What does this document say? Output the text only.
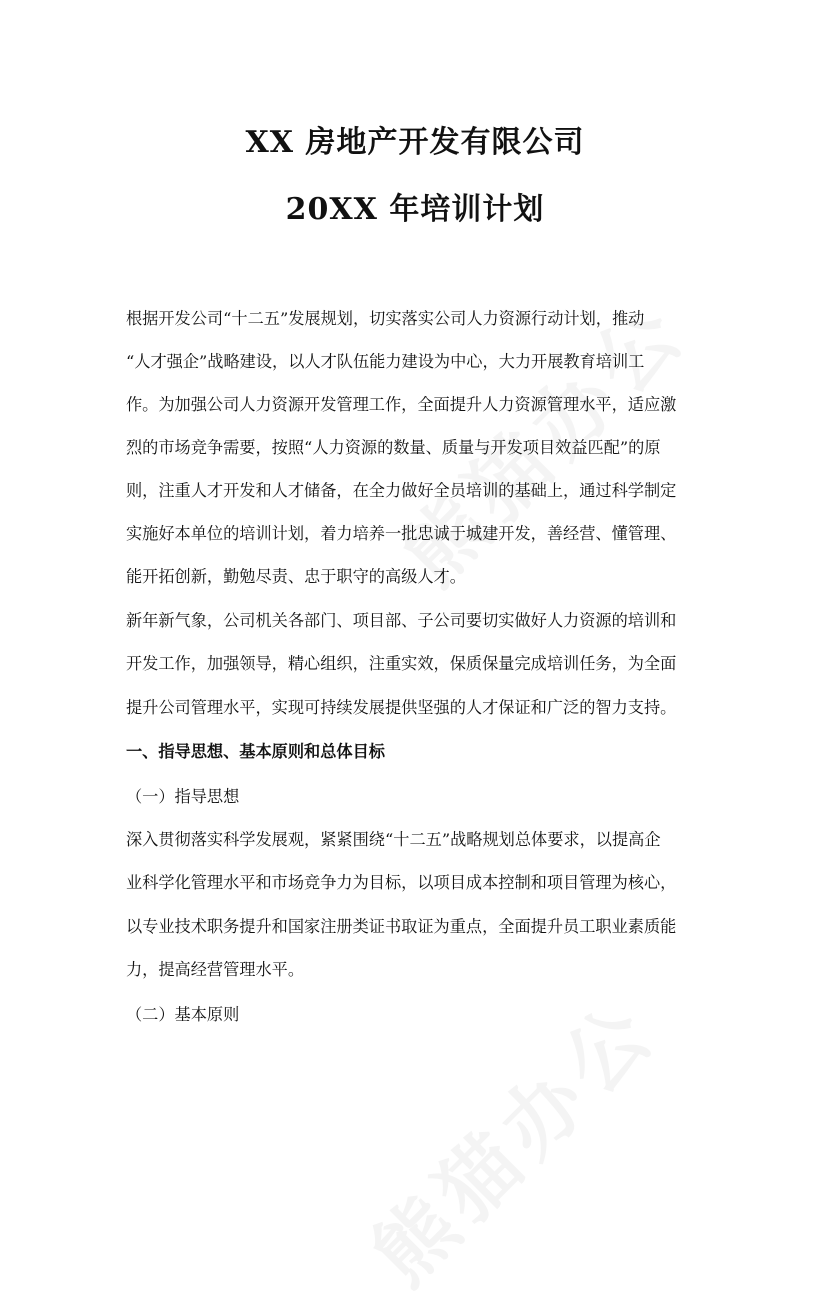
XX 房地产开发有限公司
20XX 年培训计划
根据开发公司“十二五”发展规划，切实落实公司人力资源行动计划，推动
“人才强企”战略建设，以人才队伍能力建设为中心，大力开展教育培训工
作。为加强公司人力资源开发管理工作，全面提升人力资源管理水平，适应激
烈的市场竞争需要，按照“人力资源的数量、质量与开发项目效益匹配”的原
则，注重人才开发和人才储备，在全力做好全员培训的基础上，通过科学制定
实施好本单位的培训计划，着力培养一批忠诚于城建开发，善经营、懂管理、
能开拓创新，勤勉尽责、忠于职守的高级人才。
新年新气象，公司机关各部门、项目部、子公司要切实做好人力资源的培训和
开发工作，加强领导，精心组织，注重实效，保质保量完成培训任务，为全面
提升公司管理水平，实现可持续发展提供坚强的人才保证和广泛的智力支持。
一、指导思想、基本原则和总体目标
（一）指导思想
深入贯彻落实科学发展观，紧紧围绕“十二五”战略规划总体要求，以提高企
业科学化管理水平和市场竞争力为目标，以项目成本控制和项目管理为核心，
以专业技术职务提升和国家注册类证书取证为重点，全面提升员工职业素质能
力，提高经营管理水平。
（二）基本原则
